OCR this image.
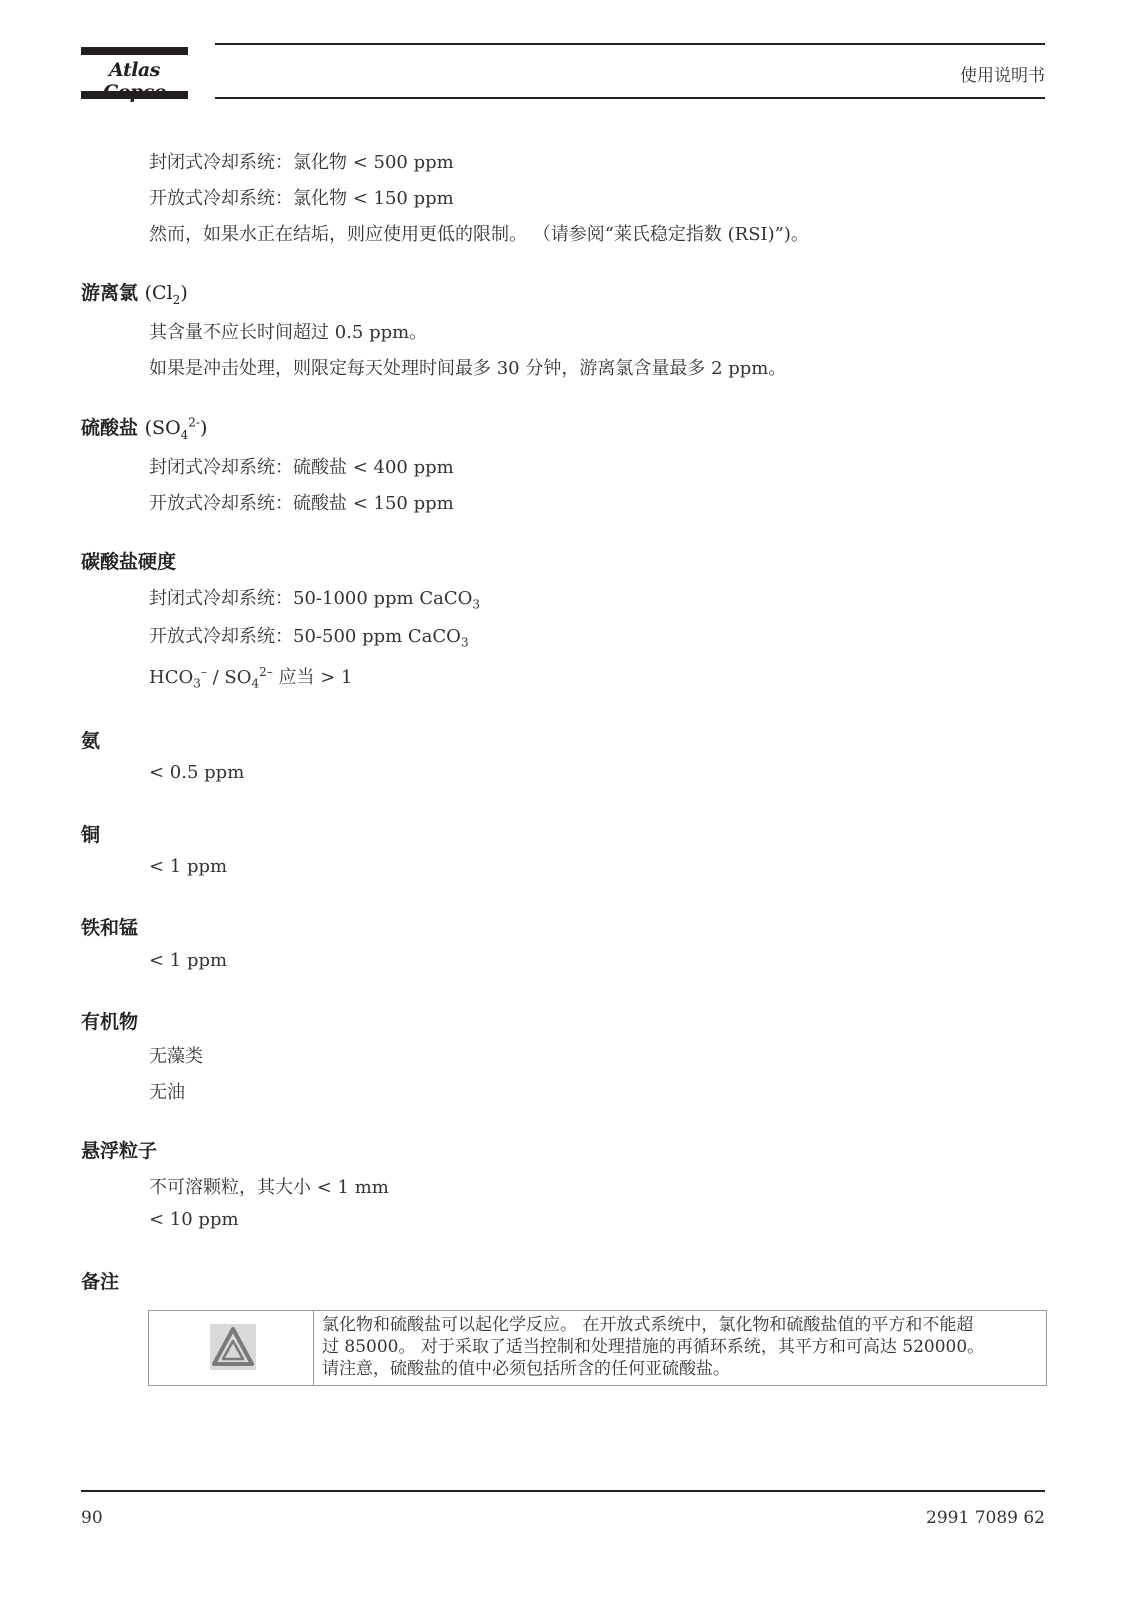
Atlas	使用说明书
封闭式冷却系统：氯化物 < 500 ppm
开放式冷却系统：氯化物 < 150 ppm
然而，如果水正在结垢，则应使用更低的限制。 （请参阅“莱氏稳定指数 (RSI)”)。
游离氯 $(Cl_2)$
其含量不应长时间超过 0.5 ppm。
如果是冲击处理，则限定每天处理时间最多 30 分钟，游离氯含量最多 2 ppm。
硫酸盐 $(SO_4^{2-})$
封闭式冷却系统：硫酸盐 < 400 ppm
开放式冷却系统：硫酸盐 < 150 ppm
碳酸盐硬度
封闭式冷却系统：50-1000 ppm CaCO$_3$
开放式冷却系统：50-500 ppm CaCO$_3$
$HCO_3^- / SO_4^{2-}$ 应当 > 1
氨
< 0.5 ppm
铜
< 1 ppm
铁和锰
< 1 ppm
有机物
无藻类
无油
悬浮粒子
不可溶颗粒，其大小 < 1 mm
< 10 ppm
备注
氯化物和硫酸盐可以起化学反应。 在开放式系统中，氯化物和硫酸盐值的平方和不能超
过 85000。 对于采取了适当控制和处理措施的再循环系统，其平方和可高达 520000。
请注意，硫酸盐的值中必须包括所含的任何亚硫酸盐。
90	2991 7089 62
